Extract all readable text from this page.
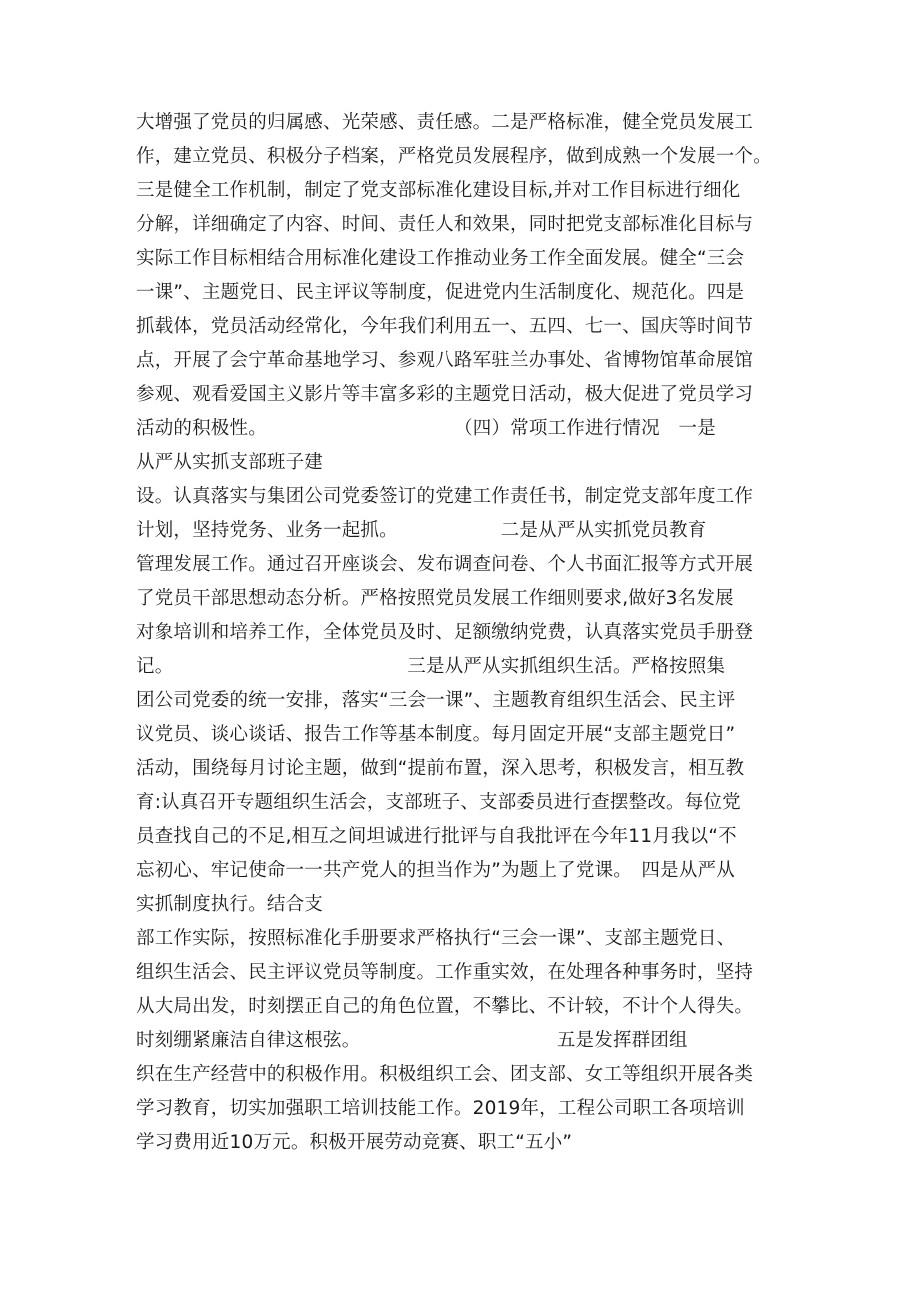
大增强了党员的归属感、光荣感、责任感。二是严格标准，健全党员发展工
作，建立党员、积极分子档案，严格党员发展程序，做到成熟一个发展一个。
三是健全工作机制，制定了党支部标准化建设目标,并对工作目标进行细化
分解，详细确定了内容、时间、责任人和效果，同时把党支部标准化目标与
实际工作目标相结合用标准化建设工作推动业务工作全面发展。健全“三会
一课”、主题党日、民主评议等制度，促进党内生活制度化、规范化。四是
抓载体，党员活动经常化，今年我们利用五一、五四、七一、国庆等时间节
点，开展了会宁革命基地学习、参观八路军驻兰办事处、省博物馆革命展馆
参观、观看爱国主义影片等丰富多彩的主题党日活动，极大促进了党员学习
活动的积极性。　　　　　　　　　　　（四）常项工作进行情况　一是
从严从实抓支部班子建
设。认真落实与集团公司党委签订的党建工作责任书，制定党支部年度工作
计划，坚持党务、业务一起抓。　　　　　　二是从严从实抓党员教育
管理发展工作。通过召开座谈会、发布调查问卷、个人书面汇报等方式开展
了党员干部思想动态分析。严格按照党员发展工作细则要求,做好3名发展
对象培训和培养工作，全体党员及时、足额缴纳党费，认真落实党员手册登
记。　　　　　　　　　　　　　三是从严从实抓组织生活。严格按照集
团公司党委的统一安排，落实“三会一课”、主题教育组织生活会、民主评
议党员、谈心谈话、报告工作等基本制度。每月固定开展“支部主题党日”
活动，围绕每月讨论主题，做到“提前布置，深入思考，积极发言，相互教
育:认真召开专题组织生活会，支部班子、支部委员进行查摆整改。每位党
员查找自己的不足,相互之间坦诚进行批评与自我批评在今年11月我以“不
忘初心、牢记使命一一共产党人的担当作为”为题上了党课。　四是从严从
实抓制度执行。结合支
部工作实际，按照标准化手册要求严格执行“三会一课”、支部主题党日、
组织生活会、民主评议党员等制度。工作重实效，在处理各种事务时，坚持
从大局出发，时刻摆正自己的角色位置，不攀比、不计较，不计个人得失。
时刻绷紧廉洁自律这根弦。　　　　　　　　　　　五是发挥群团组
织在生产经营中的积极作用。积极组织工会、团支部、女工等组织开展各类
学习教育，切实加强职工培训技能工作。2019年，工程公司职工各项培训
学习费用近10万元。积极开展劳动竞赛、职工“五小”
